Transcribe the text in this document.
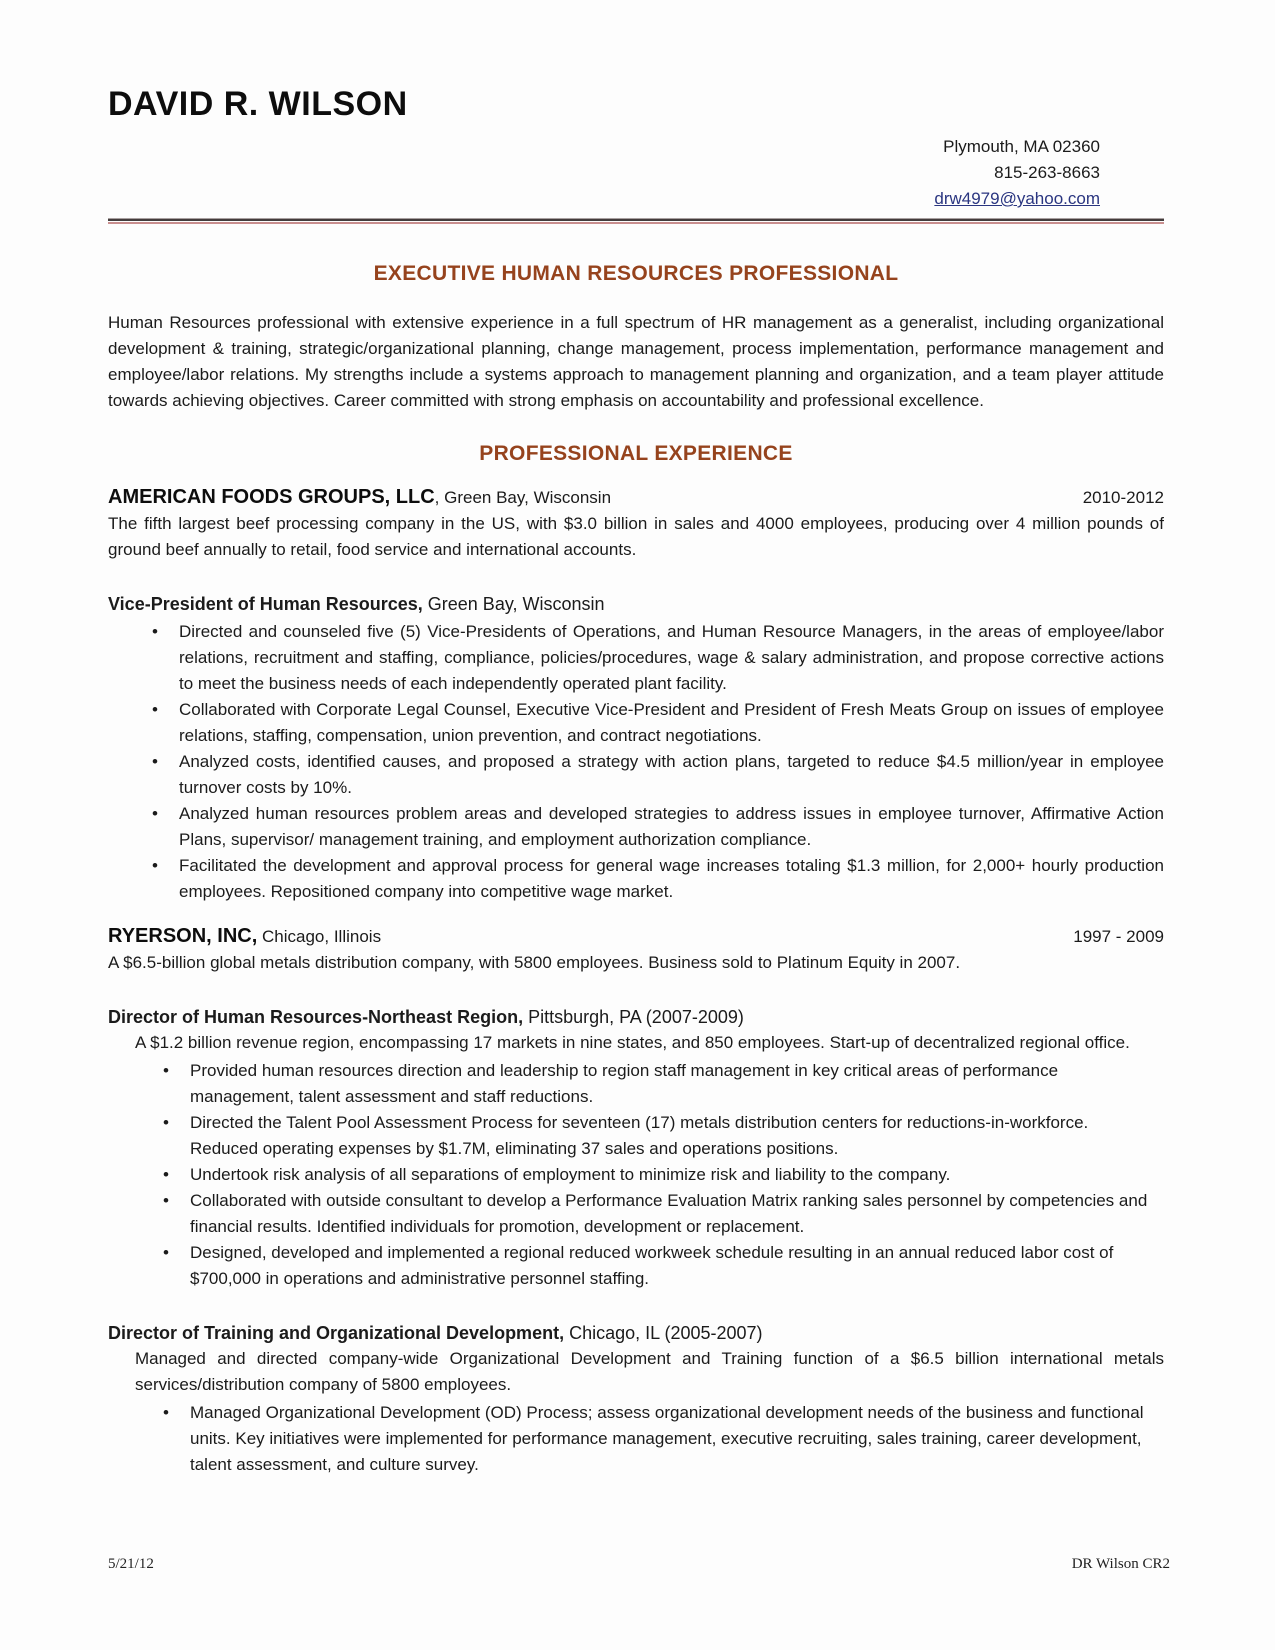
DAVID R. WILSON
Plymouth, MA 02360
815-263-8663
drw4979@yahoo.com
EXECUTIVE HUMAN RESOURCES PROFESSIONAL

Human Resources professional with extensive experience in a full spectrum of HR management as a generalist, including organizational development & training, strategic/organizational planning, change management, process implementation, performance management and employee/labor relations. My strengths include a systems approach to management planning and organization, and a team player attitude towards achieving objectives. Career committed with strong emphasis on accountability and professional excellence.

PROFESSIONAL EXPERIENCE
AMERICAN FOODS GROUPS, LLC, Green Bay, Wisconsin	2010-2012

The fifth largest beef processing company in the US, with $3.0 billion in sales and 4000 employees, producing over 4 million pounds of ground beef annually to retail, food service and international accounts.

Vice-President of Human Resources, Green Bay, Wisconsin
• Directed and counseled five (5) Vice-Presidents of Operations, and Human Resource Managers, in the areas of employee/labor relations, recruitment and staffing, compliance, policies/procedures, wage & salary administration, and propose corrective actions to meet the business needs of each independently operated plant facility.
• Collaborated with Corporate Legal Counsel, Executive Vice-President and President of Fresh Meats Group on issues of employee relations, staffing, compensation, union prevention, and contract negotiations.
• Analyzed costs, identified causes, and proposed a strategy with action plans, targeted to reduce $4.5 million/year in employee turnover costs by 10%.
• Analyzed human resources problem areas and developed strategies to address issues in employee turnover, Affirmative Action Plans, supervisor/ management training, and employment authorization compliance.
• Facilitated the development and approval process for general wage increases totaling $1.3 million, for 2,000+ hourly production employees. Repositioned company into competitive wage market.
RYERSON, INC, Chicago, Illinois	1997 - 2009

A $6.5-billion global metals distribution company, with 5800 employees. Business sold to Platinum Equity in 2007.

Director of Human Resources-Northeast Region, Pittsburgh, PA (2007-2009)

A $1.2 billion revenue region, encompassing 17 markets in nine states, and 850 employees. Start-up of decentralized regional office.

• Provided human resources direction and leadership to region staff management in key critical areas of performance management, talent assessment and staff reductions.
• Directed the Talent Pool Assessment Process for seventeen (17) metals distribution centers for reductions-in-workforce. Reduced operating expenses by $1.7M, eliminating 37 sales and operations positions.
• Undertook risk analysis of all separations of employment to minimize risk and liability to the company.
• Collaborated with outside consultant to develop a Performance Evaluation Matrix ranking sales personnel by competencies and financial results. Identified individuals for promotion, development or replacement.
• Designed, developed and implemented a regional reduced workweek schedule resulting in an annual reduced labor cost of $700,000 in operations and administrative personnel staffing.
Director of Training and Organizational Development, Chicago, IL (2005-2007)

Managed and directed company-wide Organizational Development and Training function of a $6.5 billion international metals services/distribution company of 5800 employees.

• Managed Organizational Development (OD) Process; assess organizational development needs of the business and functional units. Key initiatives were implemented for performance management, executive recruiting, sales training, career development, talent assessment, and culture survey.
5/21/12	DR Wilson CR2
